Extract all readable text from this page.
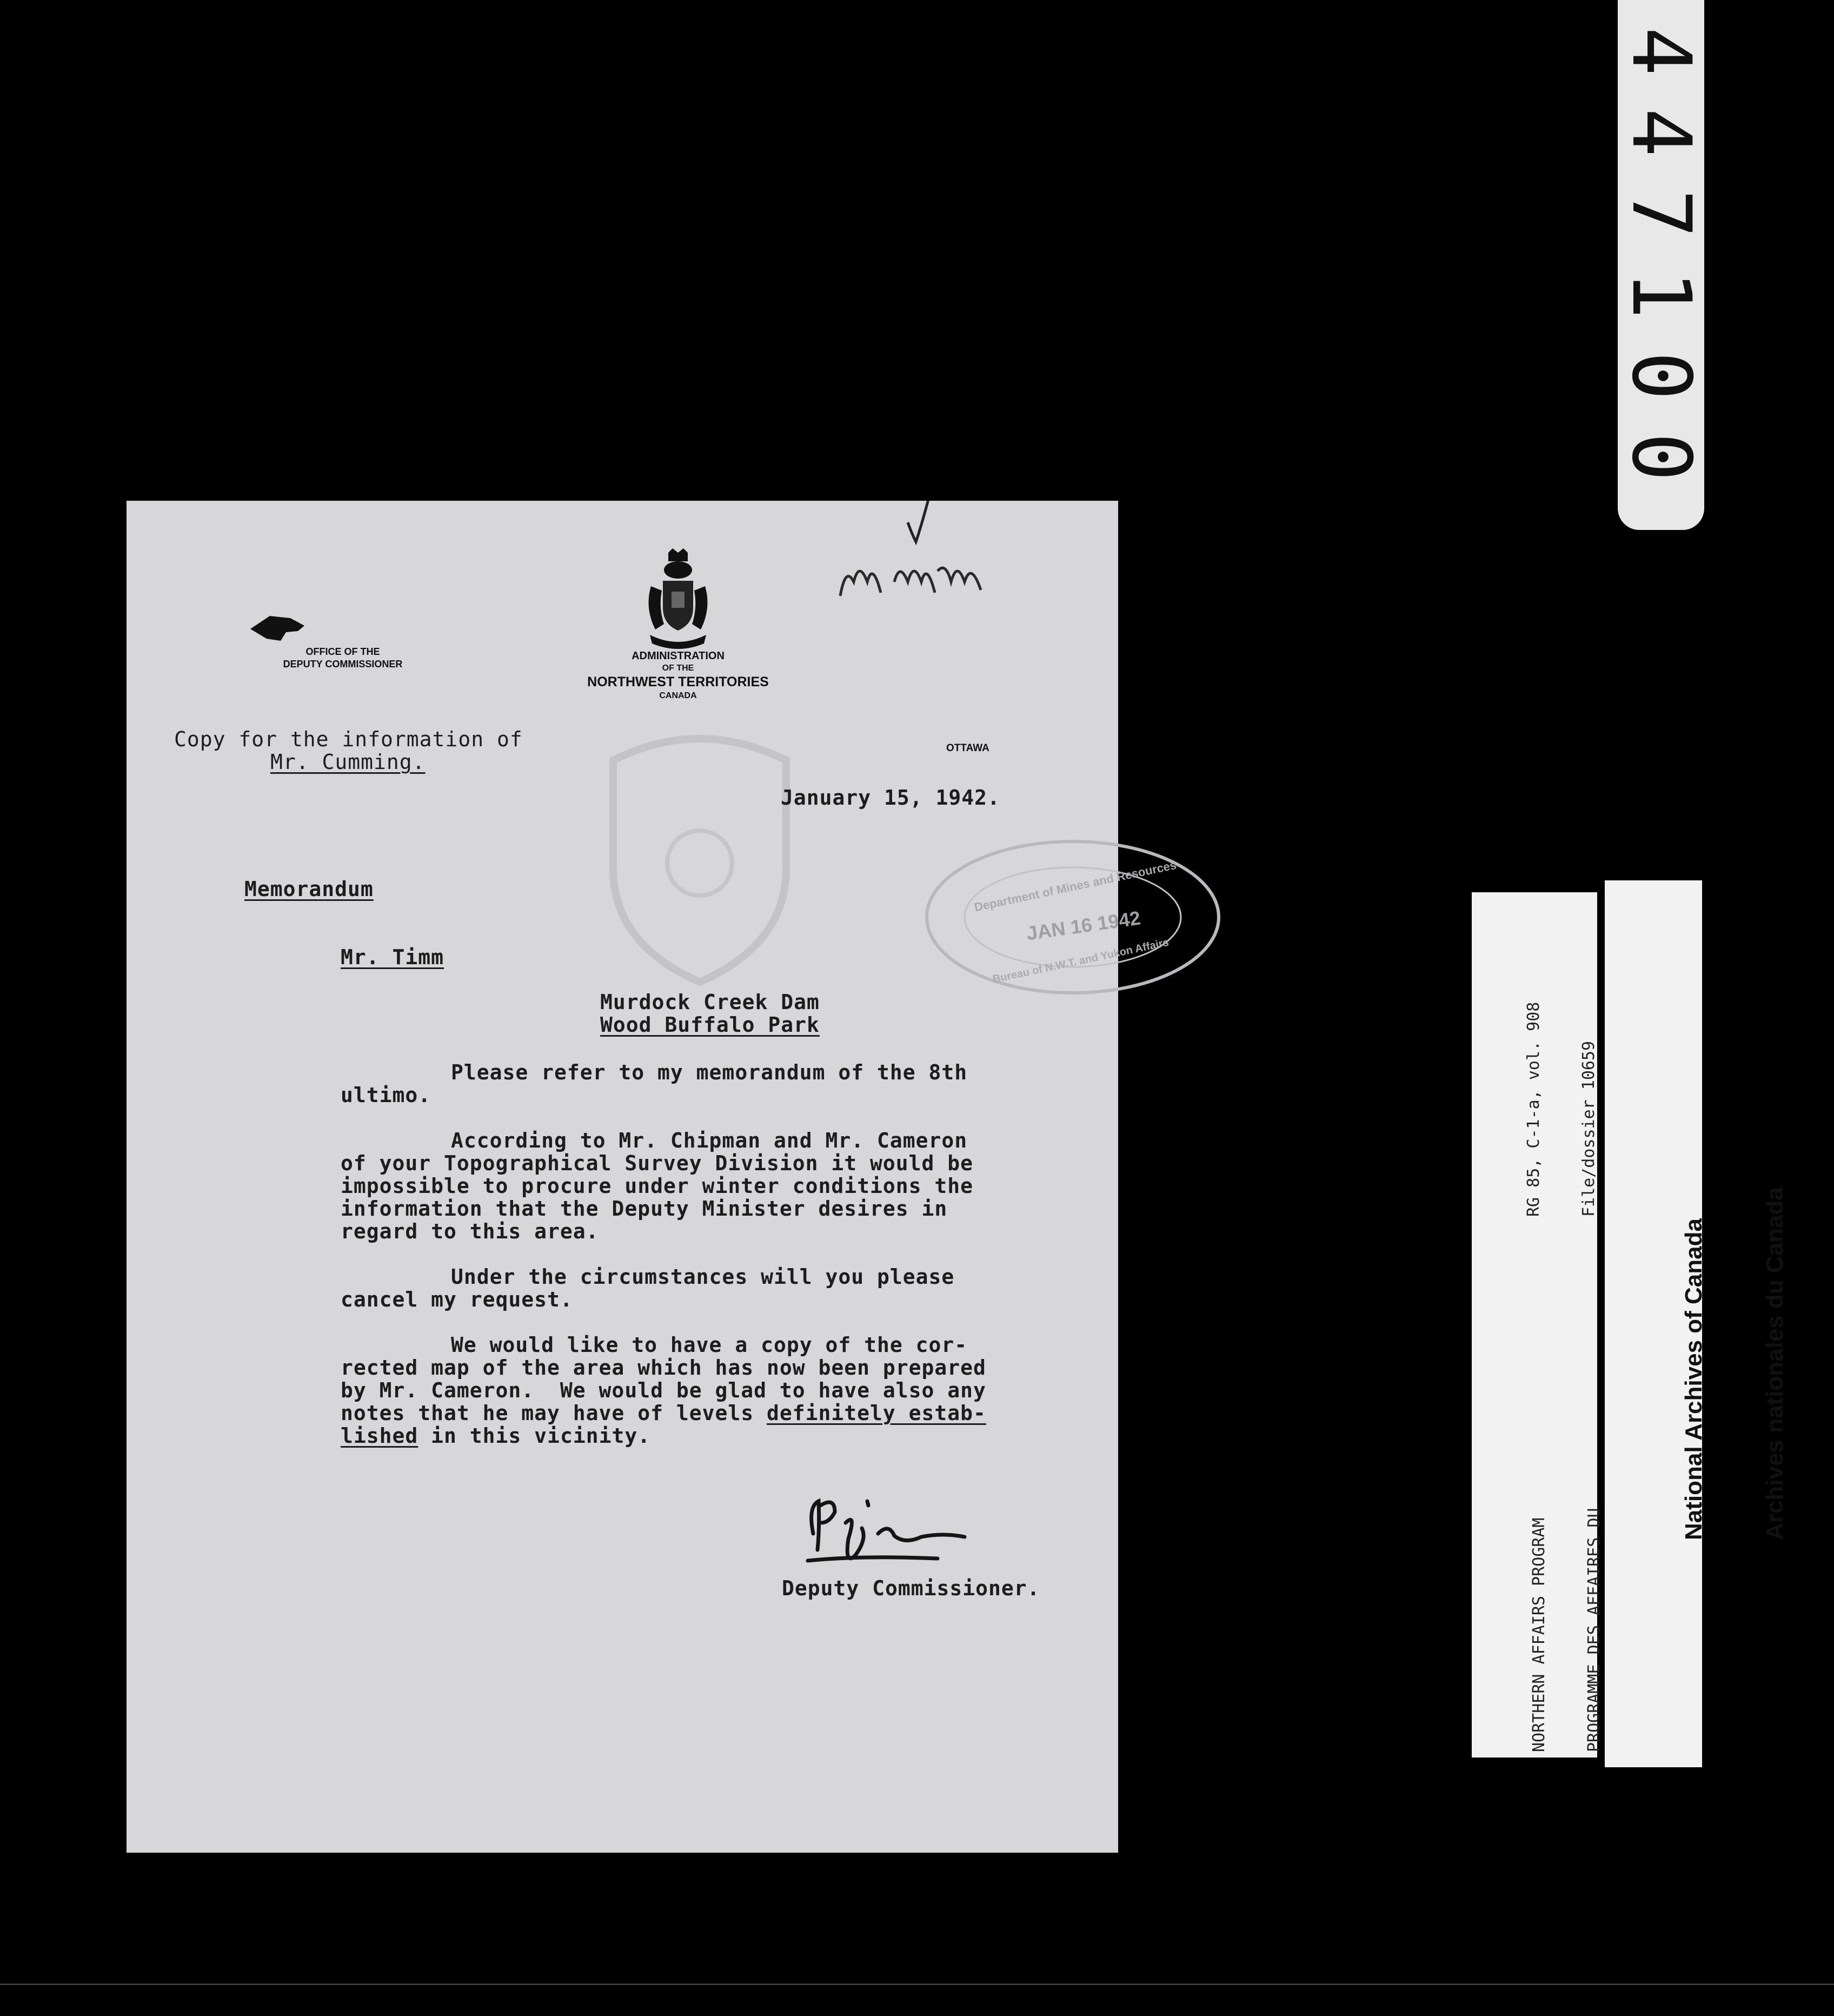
4
4
7
1
0
0
OFFICE OF THE
DEPUTY COMMISSIONER
ADMINISTRATION
OF THE
NORTHWEST TERRITORIES
CANADA
Copy for the information of
Mr. Cumming.
OTTAWA
January 15, 1942.
Department of Mines and Resources
JAN 16 1942
Bureau of N.W.T. and Yukon Affairs
Memorandum
Mr. Timm
Murdock Creek Dam
Wood Buffalo Park
Please refer to my memorandum of the 8th
ultimo.
According to Mr. Chipman and Mr. Cameron
of your Topographical Survey Division it would be
impossible to procure under winter conditions the
information that the Deputy Minister desires in
regard to this area.
Under the circumstances will you please
cancel my request.
We would like to have a copy of the cor-
rected map of the area which has now been prepared
by Mr. Cameron.  We would be glad to have also any
notes that he may have of levels definitely estab-
lished in this vicinity.
Deputy Commissioner.

RG 85, C-1-a, vol. 908

File/dossier 10659

NORTHERN AFFAIRS PROGRAM

PROGRAMME DES AFFAIRES DU

National Archives of Canada

Archives nationales du Canada
